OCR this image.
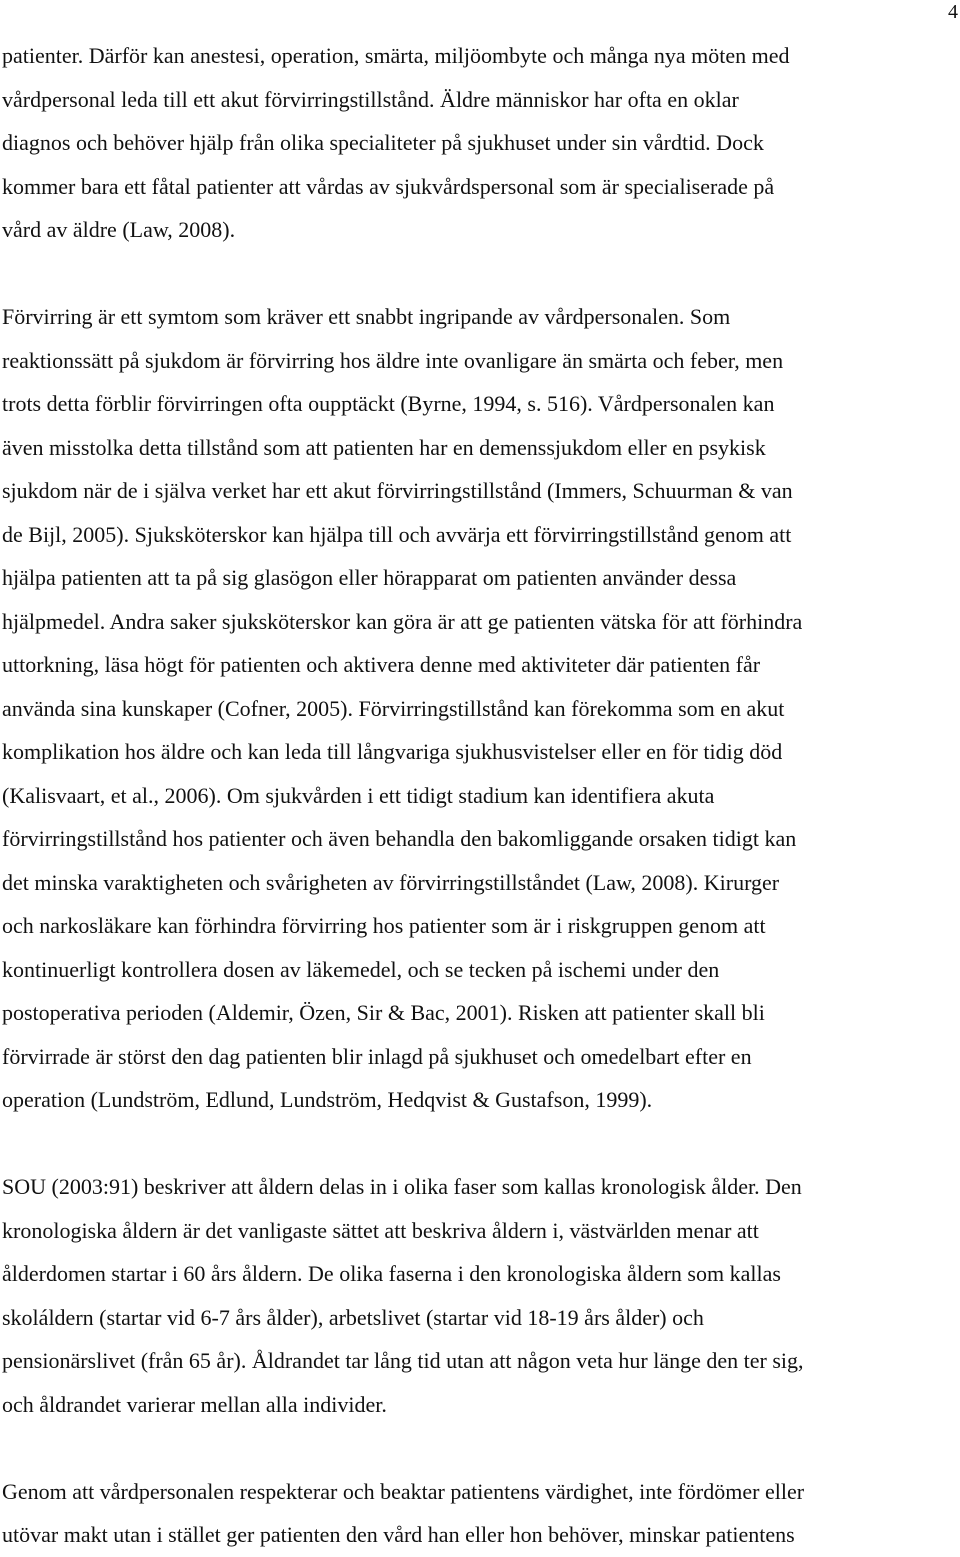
4
patienter. Därför kan anestesi, operation, smärta, miljöombyte och många nya möten med
vårdpersonal leda till ett akut förvirringstillstånd. Äldre människor har ofta en oklar
diagnos och behöver hjälp från olika specialiteter på sjukhuset under sin vårdtid. Dock
kommer bara ett fåtal patienter att vårdas av sjukvårdspersonal som är specialiserade på
vård av äldre (Law, 2008).
Förvirring är ett symtom som kräver ett snabbt ingripande av vårdpersonalen. Som
reaktionssätt på sjukdom är förvirring hos äldre inte ovanligare än smärta och feber, men
trots detta förblir förvirringen ofta oupptäckt (Byrne, 1994, s. 516). Vårdpersonalen kan
även misstolka detta tillstånd som att patienten har en demenssjukdom eller en psykisk
sjukdom när de i själva verket har ett akut förvirringstillstånd (Immers, Schuurman & van
de Bijl, 2005). Sjuksköterskor kan hjälpa till och avvärja ett förvirringstillstånd genom att
hjälpa patienten att ta på sig glasögon eller hörapparat om patienten använder dessa
hjälpmedel. Andra saker sjuksköterskor kan göra är att ge patienten vätska för att förhindra
uttorkning, läsa högt för patienten och aktivera denne med aktiviteter där patienten får
använda sina kunskaper (Cofner, 2005). Förvirringstillstånd kan förekomma som en akut
komplikation hos äldre och kan leda till långvariga sjukhusvistelser eller en för tidig död
(Kalisvaart, et al., 2006). Om sjukvården i ett tidigt stadium kan identifiera akuta
förvirringstillstånd hos patienter och även behandla den bakomliggande orsaken tidigt kan
det minska varaktigheten och svårigheten av förvirringstillståndet (Law, 2008). Kirurger
och narkosläkare kan förhindra förvirring hos patienter som är i riskgruppen genom att
kontinuerligt kontrollera dosen av läkemedel, och se tecken på ischemi under den
postoperativa perioden (Aldemir, Özen, Sir & Bac, 2001). Risken att patienter skall bli
förvirrade är störst den dag patienten blir inlagd på sjukhuset och omedelbart efter en
operation (Lundström, Edlund, Lundström, Hedqvist & Gustafson, 1999).
SOU (2003:91) beskriver att åldern delas in i olika faser som kallas kronologisk ålder. Den
kronologiska åldern är det vanligaste sättet att beskriva åldern i, västvärlden menar att
ålderdomen startar i 60 års åldern. De olika faserna i den kronologiska åldern som kallas
skoláldern (startar vid 6-7 års ålder), arbetslivet (startar vid 18-19 års ålder) och
pensionärslivet (från 65 år). Åldrandet tar lång tid utan att någon veta hur länge den ter sig,
och åldrandet varierar mellan alla individer.
Genom att vårdpersonalen respekterar och beaktar patientens värdighet, inte fördömer eller
utövar makt utan i stället ger patienten den vård han eller hon behöver, minskar patientens
